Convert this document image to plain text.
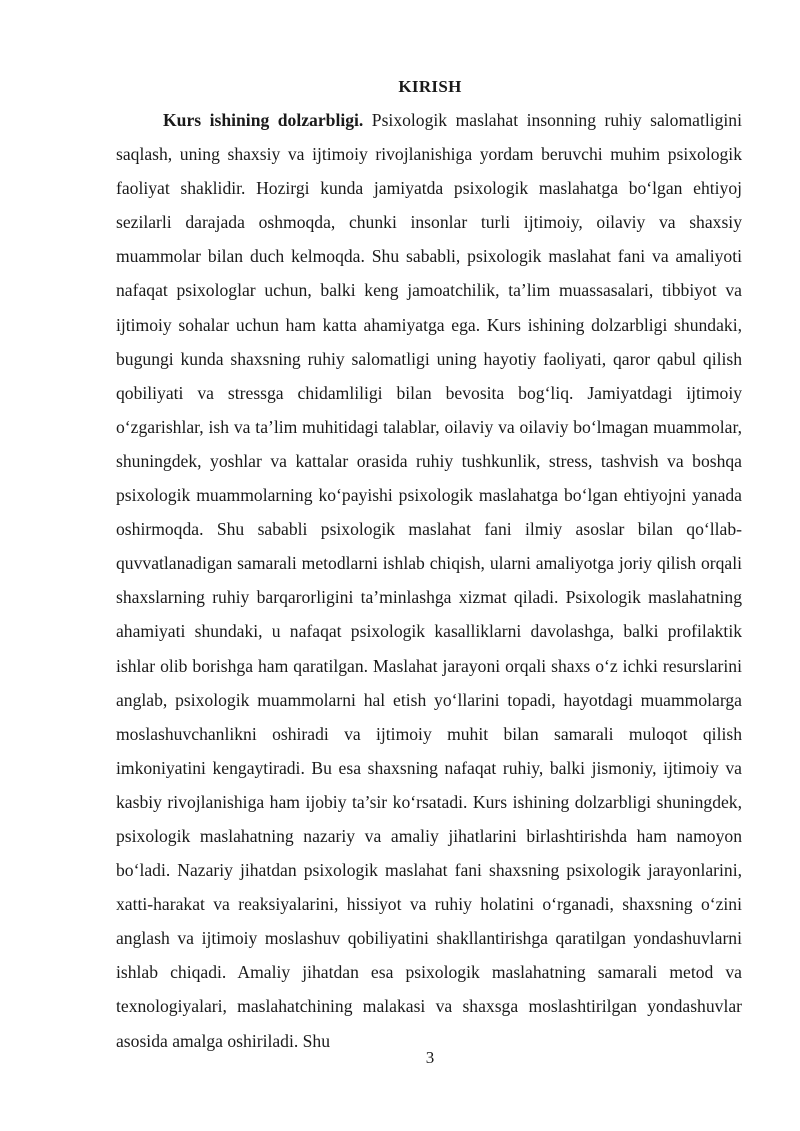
KIRISH

Kurs ishining dolzarbligi. Psixologik maslahat insonning ruhiy salomatligini saqlash, uning shaxsiy va ijtimoiy rivojlanishiga yordam beruvchi muhim psixologik faoliyat shaklidir. Hozirgi kunda jamiyatda psixologik maslahatga bo‘lgan ehtiyoj sezilarli darajada oshmoqda, chunki insonlar turli ijtimoiy, oilaviy va shaxsiy muammolar bilan duch kelmoqda. Shu sababli, psixologik maslahat fani va amaliyoti nafaqat psixologlar uchun, balki keng jamoatchilik, ta’lim muassasalari, tibbiyot va ijtimoiy sohalar uchun ham katta ahamiyatga ega. Kurs ishining dolzarbligi shundaki, bugungi kunda shaxsning ruhiy salomatligi uning hayotiy faoliyati, qaror qabul qilish qobiliyati va stressga chidamliligi bilan bevosita bog‘liq. Jamiyatdagi ijtimoiy o‘zgarishlar, ish va ta’lim muhitidagi talablar, oilaviy va oilaviy bo‘lmagan muammolar, shuningdek, yoshlar va kattalar orasida ruhiy tushkunlik, stress, tashvish va boshqa psixologik muammolarning ko‘payishi psixologik maslahatga bo‘lgan ehtiyojni yanada oshirmoqda. Shu sababli psixologik maslahat fani ilmiy asoslar bilan qo‘llab-quvvatlanadigan samarali metodlarni ishlab chiqish, ularni amaliyotga joriy qilish orqali shaxslarning ruhiy barqarorligini ta’minlashga xizmat qiladi. Psixologik maslahatning ahamiyati shundaki, u nafaqat psixologik kasalliklarni davolashga, balki profilaktik ishlar olib borishga ham qaratilgan. Maslahat jarayoni orqali shaxs o‘z ichki resurslarini anglab, psixologik muammolarni hal etish yo‘llarini topadi, hayotdagi muammolarga moslashuvchanlikni oshiradi va ijtimoiy muhit bilan samarali muloqot qilish imkoniyatini kengaytiradi. Bu esa shaxsning nafaqat ruhiy, balki jismoniy, ijtimoiy va kasbiy rivojlanishiga ham ijobiy ta’sir ko‘rsatadi. Kurs ishining dolzarbligi shuningdek, psixologik maslahatning nazariy va amaliy jihatlarini birlashtirishda ham namoyon bo‘ladi. Nazariy jihatdan psixologik maslahat fani shaxsning psixologik jarayonlarini, xatti-harakat va reaksiyalarini, hissiyot va ruhiy holatini o‘rganadi, shaxsning o‘zini anglash va ijtimoiy moslashuv qobiliyatini shakllantirishga qaratilgan yondashuvlarni ishlab chiqadi. Amaliy jihatdan esa psixologik maslahatning samarali metod va texnologiyalari, maslahatchining malakasi va shaxsga moslashtirilgan yondashuvlar asosida amalga oshiriladi. Shu

3
